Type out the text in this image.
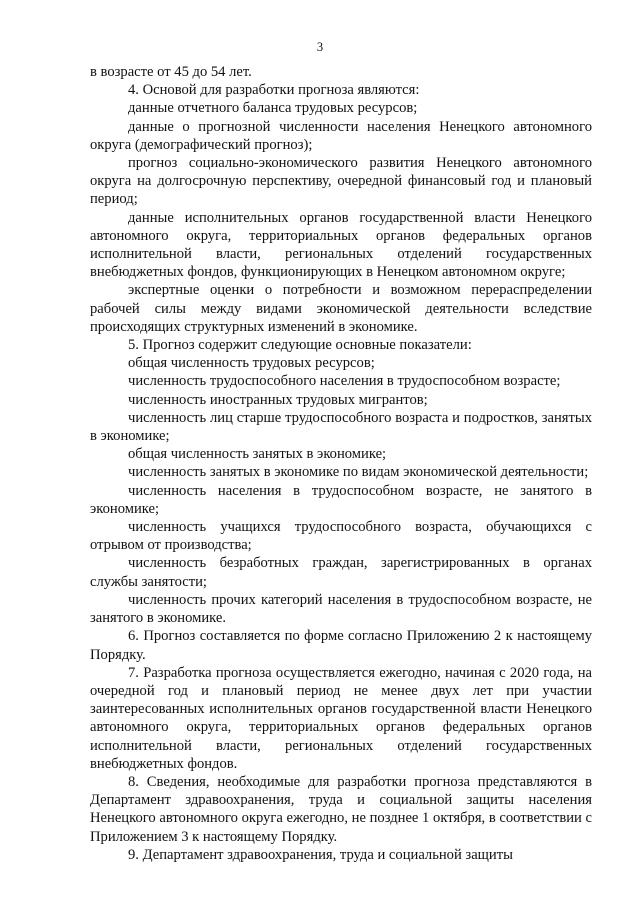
3

в возрасте от 45 до 54 лет.

4. Основой для разработки прогноза являются:

данные отчетного баланса трудовых ресурсов;

данные о прогнозной численности населения Ненецкого автономного округа (демографический прогноз);

прогноз социально-экономического развития Ненецкого автономного округа на долгосрочную перспективу, очередной финансовый год и плановый период;

данные исполнительных органов государственной власти Ненецкого автономного округа, территориальных органов федеральных органов исполнительной власти, региональных отделений государственных внебюджетных фондов, функционирующих в Ненецком автономном округе;

экспертные оценки о потребности и возможном перераспределении рабочей силы между видами экономической деятельности вследствие происходящих структурных изменений в экономике.

5. Прогноз содержит следующие основные показатели:

общая численность трудовых ресурсов;

численность трудоспособного населения в трудоспособном возрасте;

численность иностранных трудовых мигрантов;

численность лиц старше трудоспособного возраста и подростков, занятых в экономике;

общая численность занятых в экономике;

численность занятых в экономике по видам экономической деятельности;

численность населения в трудоспособном возрасте, не занятого в экономике;

численность учащихся трудоспособного возраста, обучающихся с отрывом от производства;

численность безработных граждан, зарегистрированных в органах службы занятости;

численность прочих категорий населения в трудоспособном возрасте, не занятого в экономике.

6. Прогноз составляется по форме согласно Приложению 2 к настоящему Порядку.

7. Разработка прогноза осуществляется ежегодно, начиная с 2020 года, на очередной год и плановый период не менее двух лет при участии заинтересованных исполнительных органов государственной власти Ненецкого автономного округа, территориальных органов федеральных органов исполнительной власти, региональных отделений государственных внебюджетных фондов.

8. Сведения, необходимые для разработки прогноза представляются в Департамент здравоохранения, труда и социальной защиты населения Ненецкого автономного округа ежегодно, не позднее 1 октября, в соответствии с Приложением 3 к настоящему Порядку.

9. Департамент здравоохранения, труда и социальной защиты
